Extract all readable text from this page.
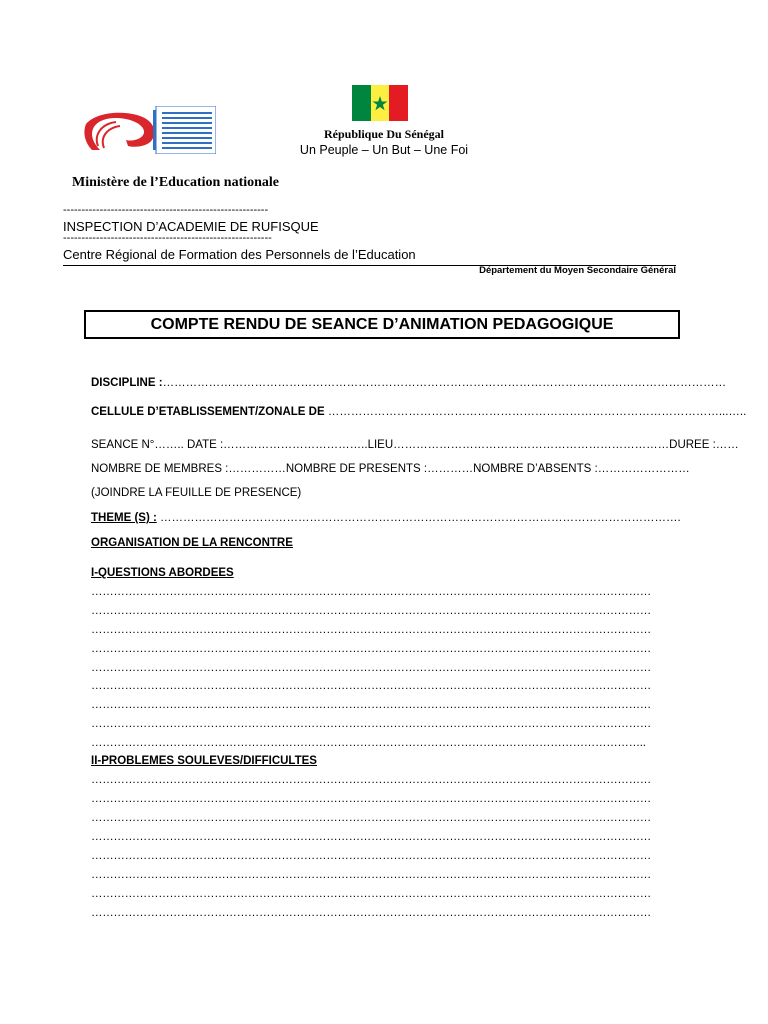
République Du Sénégal
Un Peuple – Un But – Une Foi
Ministère de l’Education nationale
--------------------------------------------------------
INSPECTION D’ACADEMIE DE RUFISQUE
---------------------------------------------------------
Centre Régional de Formation des Personnels de l’Education
Département du Moyen Secondaire Général
COMPTE RENDU DE SEANCE D’ANIMATION PEDAGOGIQUE
DISCIPLINE :…………………………………………………………………………………………………………………………………
CELLULE D’ETABLISSEMENT/ZONALE DE …………………………………………………………………………………………...…..
SEANCE N°…….. DATE :………………………………..LIEU………………………………………………………………DUREE :……
NOMBRE DE MEMBRES :……………NOMBRE DE PRESENTS :…………NOMBRE D’ABSENTS :……………………
(JOINDRE LA FEUILLE DE PRESENCE)
THEME (S) : ……………………………………………………………………………………………………………………….
ORGANISATION DE LA RENCONTRE
I-QUESTIONS ABORDEES
……………………………………………………………………………………………………………………………………
……………………………………………………………………………………………………………………………………
……………………………………………………………………………………………………………………………………
……………………………………………………………………………………………………………………………………
……………………………………………………………………………………………………………………………………
……………………………………………………………………………………………………………………………………
……………………………………………………………………………………………………………………………………
……………………………………………………………………………………………………………………………………
…………………………………………………………………………………………………………………………………..
II-PROBLEMES SOULEVES/DIFFICULTES
……………………………………………………………………………………………………………………………………
……………………………………………………………………………………………………………………………………
……………………………………………………………………………………………………………………………………
……………………………………………………………………………………………………………………………………
……………………………………………………………………………………………………………………………………
……………………………………………………………………………………………………………………………………
……………………………………………………………………………………………………………………………………
……………………………………………………………………………………………………………………………………
